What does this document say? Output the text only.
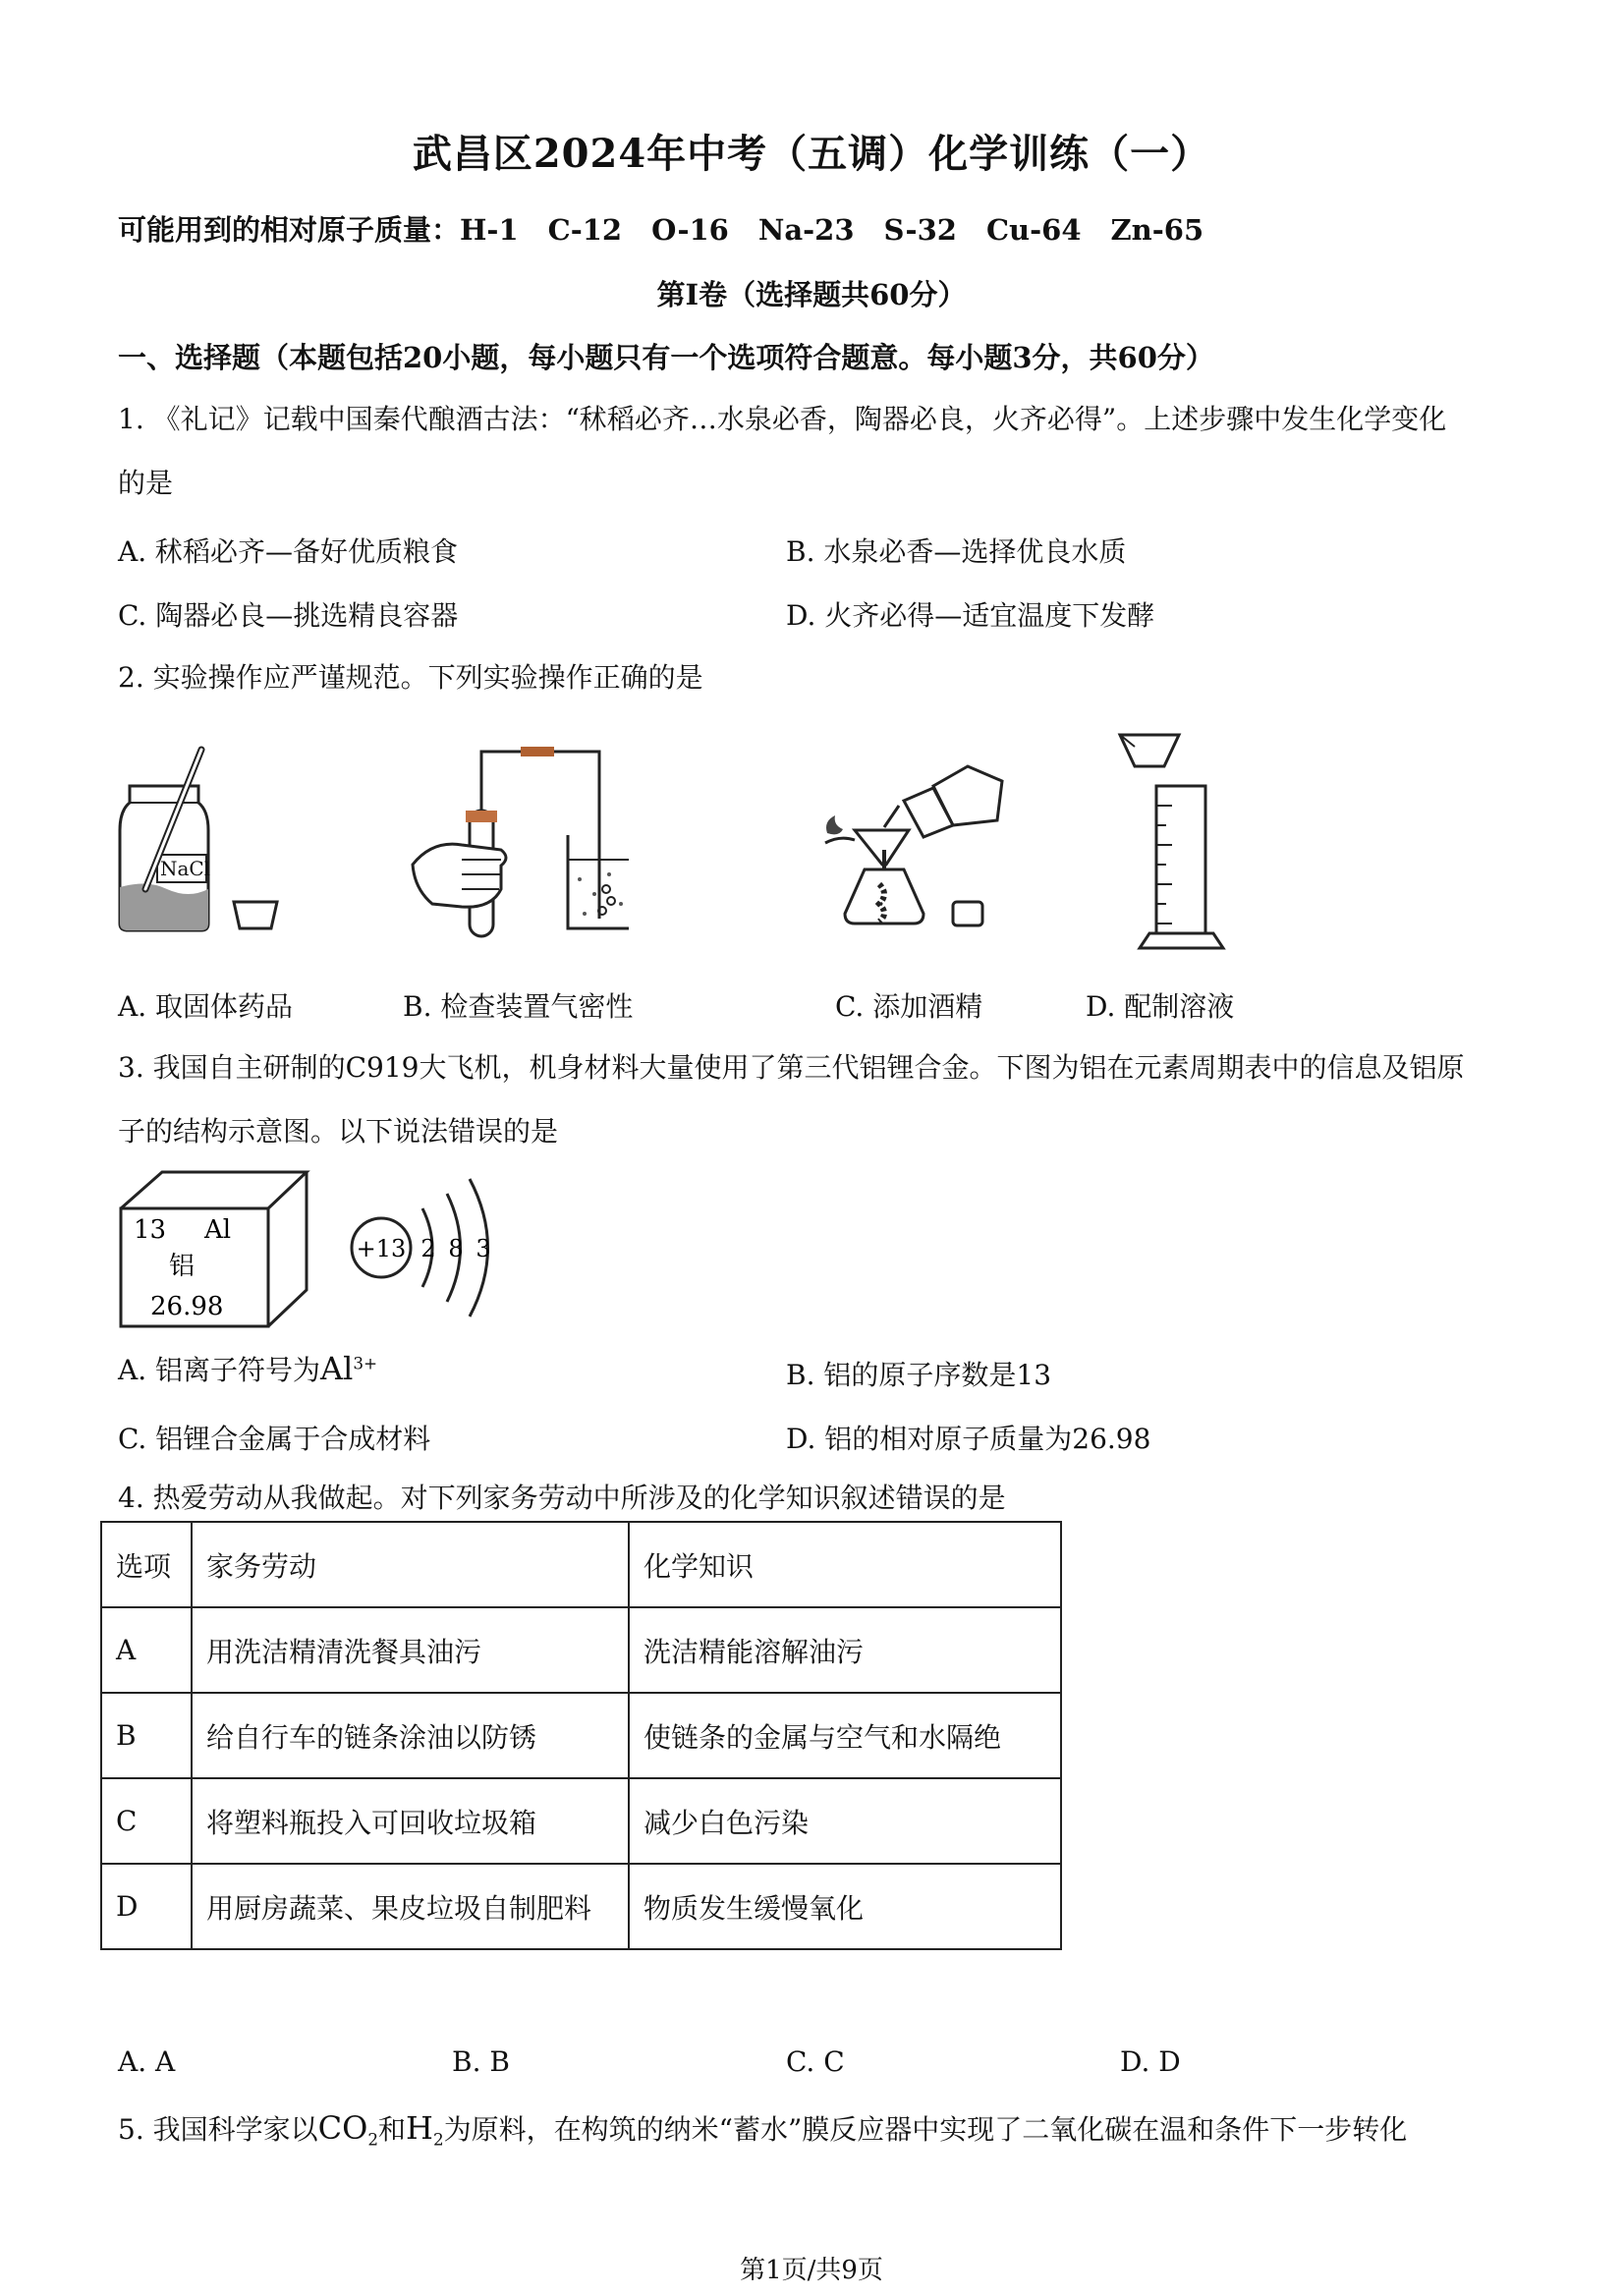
武昌区2024年中考（五调）化学训练（一）
可能用到的相对原子质量：H-1 C-12 O-16 Na-23 S-32 Cu-64 Zn-65
第Ⅰ卷（选择题共60分）
一、选择题（本题包括20小题，每小题只有一个选项符合题意。每小题3分，共60分）
1. 《礼记》记载中国秦代酿酒古法：“秫稻必齐…水泉必香，陶器必良，火齐必得”。上述步骤中发生化学变化
的是
A. 秫稻必齐—备好优质粮食	B. 水泉必香—选择优良水质
C. 陶器必良—挑选精良容器	D. 火齐必得—适宜温度下发酵
2. 实验操作应严谨规范。下列实验操作正确的是
NaCl
A. 取固体药品	B. 检查装置气密性	C. 添加酒精	D. 配制溶液
3. 我国自主研制的C919大飞机，机身材料大量使用了第三代铝锂合金。下图为铝在元素周期表中的信息及铝原
子的结构示意图。以下说法错误的是
13 Al
铝
26.98
+13 2 8 3
A. 铝离子符号为$Al^{3+}$	B. 铝的原子序数是13
C. 铝锂合金属于合成材料	D. 铝的相对原子质量为26.98
4. 热爱劳动从我做起。对下列家务劳动中所涉及的化学知识叙述错误的是
选项	家务劳动	化学知识
A	用洗洁精清洗餐具油污	洗洁精能溶解油污
B	给自行车的链条涂油以防锈	使链条的金属与空气和水隔绝
C	将塑料瓶投入可回收垃圾箱	减少白色污染
D	用厨房蔬菜、果皮垃圾自制肥料	物质发生缓慢氧化
A. A	B. B	C. C	D. D
5. 我国科学家以$CO_2$和$H_2$为原料，在构筑的纳米“蓄水”膜反应器中实现了二氧化碳在温和条件下一步转化
第1页/共9页
